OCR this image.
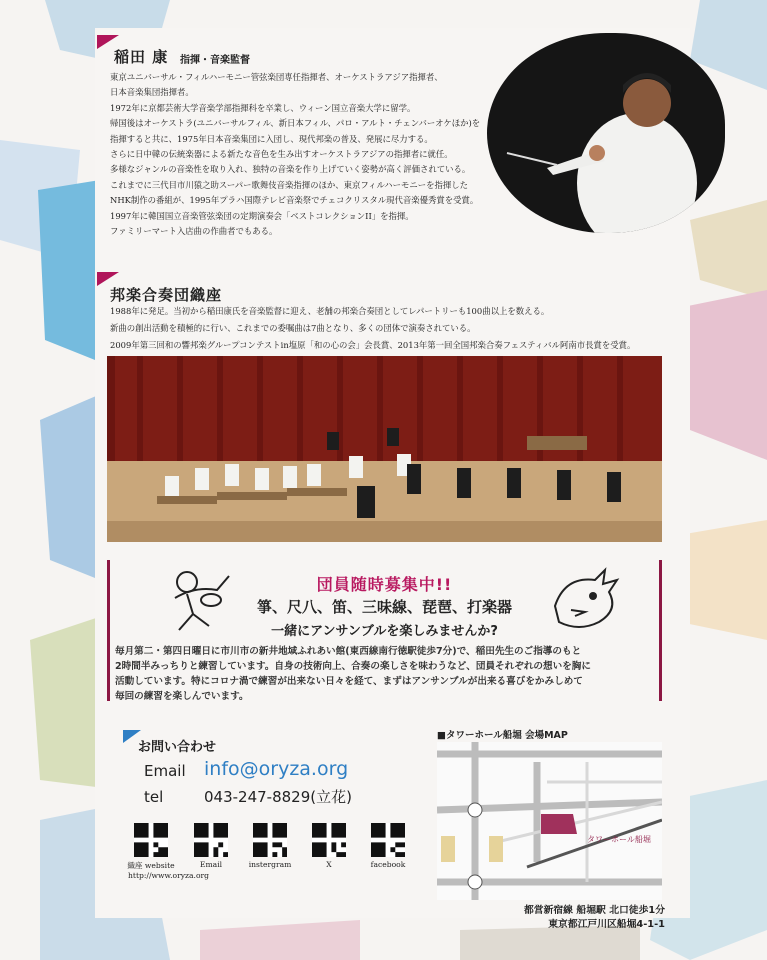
稲田 康 指揮・音楽監督

東京ユニバーサル・フィルハーモニー管弦楽団専任指揮者、オーケストラアジア指揮者、

日本音楽集団指揮者。

1972年に京都芸術大学音楽学部指揮科を卒業し、ウィーン国立音楽大学に留学。

帰国後はオーケストラ(ユニバーサルフィル、新日本フィル、パロ・アルト・チェンバーオケほか)を

指揮すると共に、1975年日本音楽集団に入団し、現代邦楽の普及、発展に尽力する。

さらに日中韓の伝統楽器による新たな音色を生み出すオーケストラアジアの指揮者に就任。

多様なジャンルの音楽性を取り入れ、独特の音楽を作り上げていく姿勢が高く評価されている。

これまでに三代目市川猿之助スーパー歌舞伎音楽指揮のほか、東京フィルハーモニーを指揮した

NHK制作の番組が、1995年プラハ国際テレビ音楽祭でチェコクリスタル現代音楽優秀賞を受賞。

1997年に韓国国立音楽管弦楽団の定期演奏会「ベストコレクションII」を指揮。

ファミリーマート入店曲の作曲者でもある。

邦楽合奏団織座

1988年に発足。当初から稲田康氏を音楽監督に迎え、老舗の邦楽合奏団としてレパートリーも100曲以上を数える。

新曲の創出活動を積極的に行い、これまでの委嘱曲は7曲となり、多くの団体で演奏されている。

2009年第三回和の響邦楽グループコンテストin塩原「和の心の会」会長賞、2013年第一回全国邦楽合奏フェスティバル阿南市長賞を受賞。

団員随時募集中!!
箏、尺八、笛、三味線、琵琶、打楽器
一緒にアンサンブルを楽しみませんか?

毎月第二・第四日曜日に市川市の新井地域ふれあい館(東西線南行徳駅徒歩7分)で、稲田先生のご指導のもと

2時間半みっちりと練習しています。自身の技術向上、合奏の楽しさを味わうなど、団員それぞれの想いを胸に

活動しています。特にコロナ渦で練習が出来ない日々を経て、まずはアンサンブルが出来る喜びをかみしめて

毎回の練習を楽しんでいます。

お問い合わせ
Email info@oryza.org
tel	043-247-8829(立花)
織座 website	Email	instergram	X	facebook
http://www.oryza.org
■タワーホール船堀 会場MAP
タワーホール船堀
都営新宿線 船堀駅 北口徒歩1分
東京都江戸川区船堀4-1-1
